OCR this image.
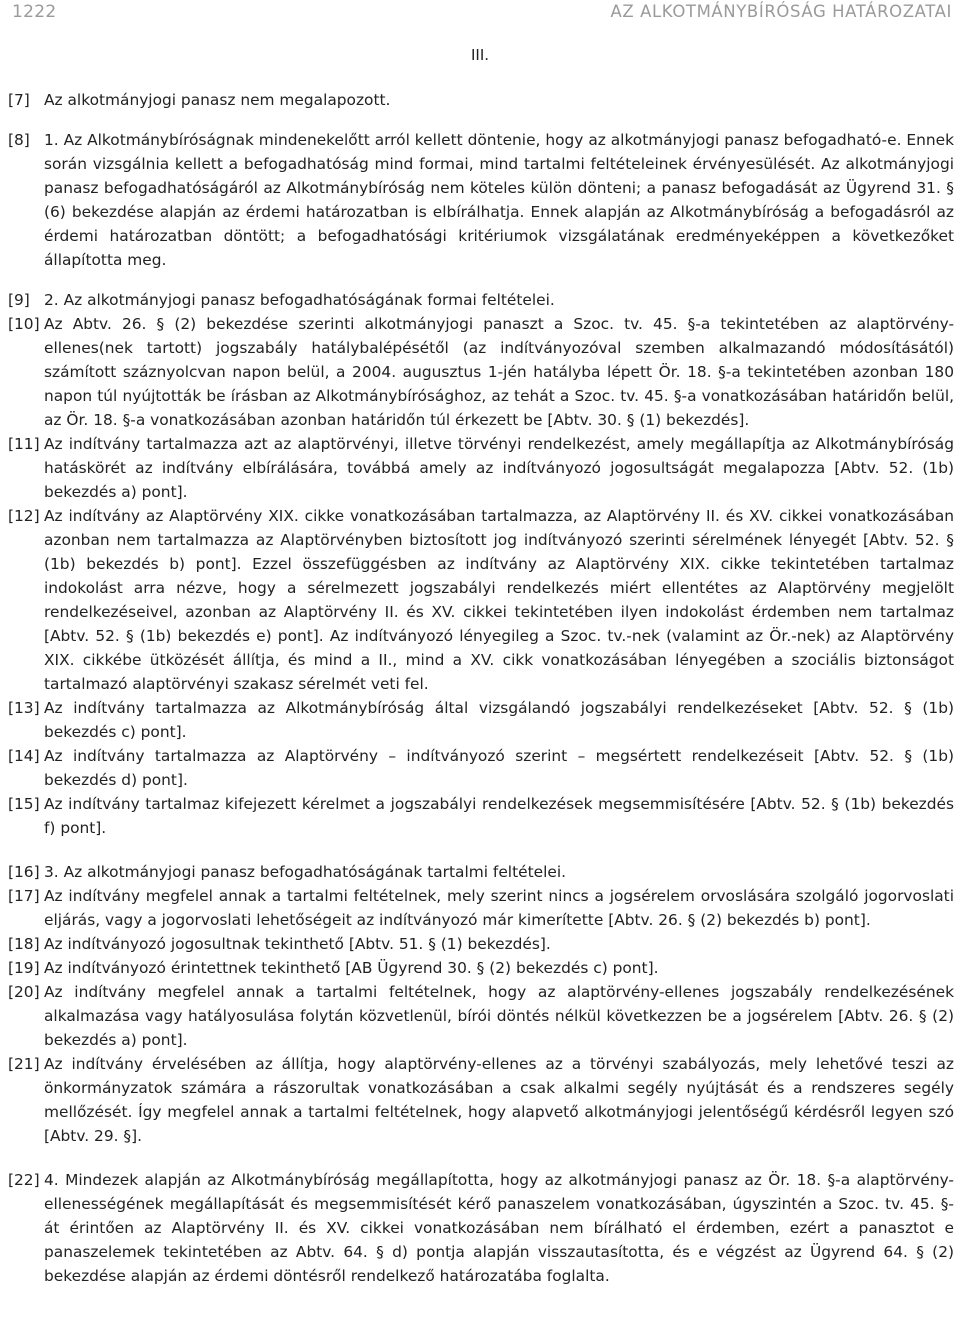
1222	AZ ALKOTMÁNYBÍRÓSÁG HATÁROZATAI
III.
[7] Az alkotmányjogi panasz nem megalapozott.
[8] 1. Az Alkotmánybíróságnak mindenekelőtt arról kellett döntenie, hogy az alkotmányjogi panasz befogadható-e. Ennek során vizsgálnia kellett a befogadhatóság mind formai, mind tartalmi feltételeinek érvényesülését. Az alkotmányjogi panasz befogadhatóságáról az Alkotmánybíróság nem köteles külön dönteni; a panasz befogadását az Ügyrend 31. § (6) bekezdése alapján az érdemi határozatban is elbírálhatja. Ennek alapján az Alkotmánybíróság a befogadásról az érdemi határozatban döntött; a befogadhatósági kritériumok vizsgálatának eredményeképpen a következőket állapította meg.
[9] 2. Az alkotmányjogi panasz befogadhatóságának formai feltételei.
[10] Az Abtv. 26. § (2) bekezdése szerinti alkotmányjogi panaszt a Szoc. tv. 45. §-a tekintetében az alaptörvény-ellenes(nek tartott) jogszabály hatálybalépésétől (az indítványozóval szemben alkalmazandó módosításától) számított száznyolcvan napon belül, a 2004. augusztus 1-jén hatályba lépett Ör. 18. §-a tekintetében azonban 180 napon túl nyújtották be írásban az Alkotmánybírósághoz, az tehát a Szoc. tv. 45. §-a vonatkozásában határidőn belül, az Ör. 18. §-a vonatkozásában azonban határidőn túl érkezett be [Abtv. 30. § (1) bekezdés].
[11] Az indítvány tartalmazza azt az alaptörvényi, illetve törvényi rendelkezést, amely megállapítja az Alkotmánybíróság hatáskörét az indítvány elbírálására, továbbá amely az indítványozó jogosultságát megalapozza [Abtv. 52. (1b) bekezdés a) pont].
[12] Az indítvány az Alaptörvény XIX. cikke vonatkozásában tartalmazza, az Alaptörvény II. és XV. cikkei vonatkozásában azonban nem tartalmazza az Alaptörvényben biztosított jog indítványozó szerinti sérelmének lényegét [Abtv. 52. § (1b) bekezdés b) pont]. Ezzel összefüggésben az indítvány az Alaptörvény XIX. cikke tekintetében tartalmaz indokolást arra nézve, hogy a sérelmezett jogszabályi rendelkezés miért ellentétes az Alaptörvény megjelölt rendelkezéseivel, azonban az Alaptörvény II. és XV. cikkei tekintetében ilyen indokolást érdemben nem tartalmaz [Abtv. 52. § (1b) bekezdés e) pont]. Az indítványozó lényegileg a Szoc. tv.-nek (valamint az Ör.-nek) az Alaptörvény XIX. cikkébe ütközését állítja, és mind a II., mind a XV. cikk vonatkozásában lényegében a szociális biztonságot tartalmazó alaptörvényi szakasz sérelmét veti fel.
[13] Az indítvány tartalmazza az Alkotmánybíróság által vizsgálandó jogszabályi rendelkezéseket [Abtv. 52. § (1b) bekezdés c) pont].
[14] Az indítvány tartalmazza az Alaptörvény – indítványozó szerint – megsértett rendelkezéseit [Abtv. 52. § (1b) bekezdés d) pont].
[15] Az indítvány tartalmaz kifejezett kérelmet a jogszabályi rendelkezések megsemmisítésére [Abtv. 52. § (1b) bekezdés f) pont].
[16] 3. Az alkotmányjogi panasz befogadhatóságának tartalmi feltételei.
[17] Az indítvány megfelel annak a tartalmi feltételnek, mely szerint nincs a jogsérelem orvoslására szolgáló jogorvoslati eljárás, vagy a jogorvoslati lehetőségeit az indítványozó már kimerítette [Abtv. 26. § (2) bekezdés b) pont].
[18] Az indítványozó jogosultnak tekinthető [Abtv. 51. § (1) bekezdés].
[19] Az indítványozó érintettnek tekinthető [AB Ügyrend 30. § (2) bekezdés c) pont].
[20] Az indítvány megfelel annak a tartalmi feltételnek, hogy az alaptörvény-ellenes jogszabály rendelkezésének alkalmazása vagy hatályosulása folytán közvetlenül, bírói döntés nélkül következzen be a jogsérelem [Abtv. 26. § (2) bekezdés a) pont].
[21] Az indítvány érvelésében az állítja, hogy alaptörvény-ellenes az a törvényi szabályozás, mely lehetővé teszi az önkormányzatok számára a rászorultak vonatkozásában a csak alkalmi segély nyújtását és a rendszeres segély mellőzését. Így megfelel annak a tartalmi feltételnek, hogy alapvető alkotmányjogi jelentőségű kérdésről legyen szó [Abtv. 29. §].
[22] 4. Mindezek alapján az Alkotmánybíróság megállapította, hogy az alkotmányjogi panasz az Ör. 18. §-a alaptörvény-ellenességének megállapítását és megsemmisítését kérő panaszelem vonatkozásában, úgyszintén a Szoc. tv. 45. §-át érintően az Alaptörvény II. és XV. cikkei vonatkozásában nem bírálható el érdemben, ezért a panasztot e panaszelemek tekintetében az Abtv. 64. § d) pontja alapján visszautasította, és e végzést az Ügyrend 64. § (2) bekezdése alapján az érdemi döntésről rendelkező határozatába foglalta.
